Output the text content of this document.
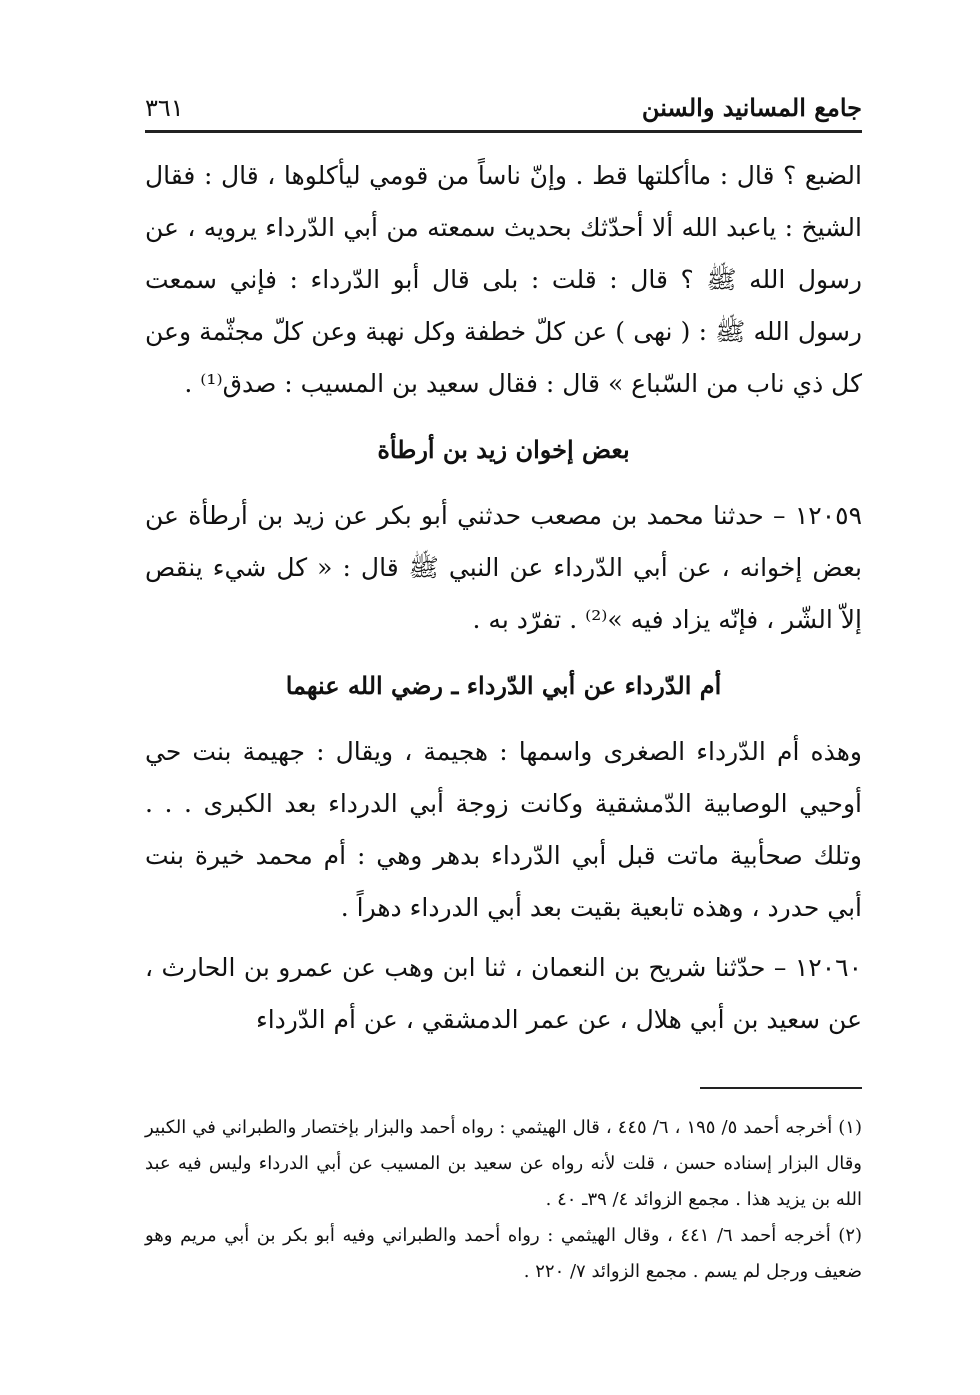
جامع المسانيد والسنن
٣٦١

الضبع ؟ قال : ماأكلتها قط . وإنّ ناساً من قومي ليأكلوها ، قال : فقال الشيخ : ياعبد الله ألا أحدّثك بحديث سمعته من أبي الدّرداء يرويه ، عن رسول الله ﷺ ؟ قال : قلت : بلى قال أبو الدّرداء : فإني سمعت رسول الله ﷺ : ( نهى ) عن كلّ خطفة وكل نهبة وعن كلّ مجثّمة وعن كل ذي ناب من السّباع » قال : فقال سعيد بن المسيب : صدق⁽¹⁾ .

بعض إخوان زيد بن أرطأة

١٢٠٥٩ – حدثنا محمد بن مصعب حدثني أبو بكر عن زيد بن أرطأة عن بعض إخوانه ، عن أبي الدّرداء عن النبي ﷺ قال : « كل شيء ينقص إلاّ الشّر ، فإنّه يزاد فيه »⁽²⁾ . تفرّد به .

أم الدّرداء عن أبي الدّرداء ـ رضي الله عنهما

وهذه أم الدّرداء الصغرى واسمها : هجيمة ، ويقال : جهيمة بنت حي أوحيي الوصابية الدّمشقية وكانت زوجة أبي الدرداء بعد الكبرى . . . وتلك صحأبية ماتت قبل أبي الدّرداء بدهر وهي : أم محمد خيرة بنت أبي حدرد ، وهذه تابعية بقيت بعد أبي الدرداء دهراً .

١٢٠٦٠ – حدّثنا شريح بن النعمان ، ثنا ابن وهب عن عمرو بن الحارث ، عن سعيد بن أبي هلال ، عن عمر الدمشقي ، عن أم الدّرداء

(١) أخرجه أحمد ٥/ ١٩٥ ، ٦/ ٤٤٥ ، قال الهيثمي : رواه أحمد والبزار بإختصار والطبراني في الكبير وقال البزار إسناده حسن ، قلت لأنه رواه عن سعيد بن المسيب عن أبي الدرداء وليس فيه عبد الله بن يزيد هذا . مجمع الزوائد ٤/ ٣٩ـ ٤٠ .

(٢) أخرجه أحمد ٦/ ٤٤١ ، وقال الهيثمي : رواه أحمد والطبراني وفيه أبو بكر بن أبي مريم وهو ضعيف ورجل لم يسم . مجمع الزوائد ٧/ ٢٢٠ .
